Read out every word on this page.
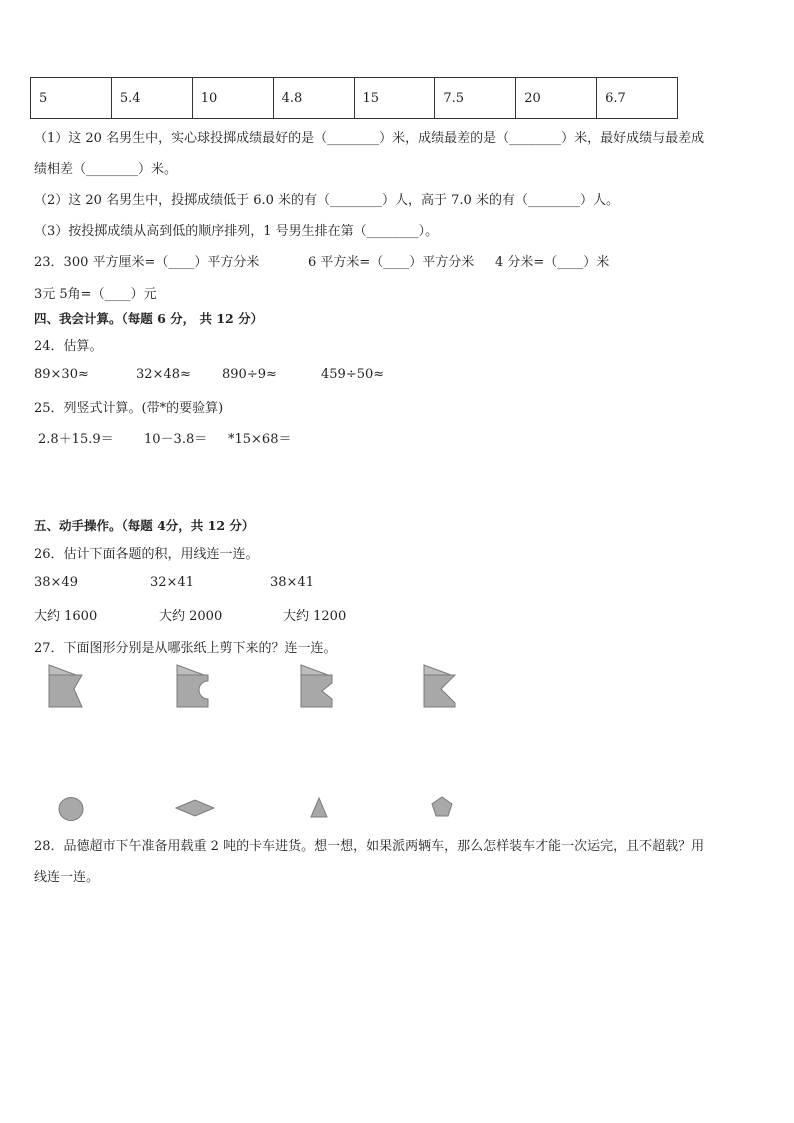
5	5.4	10	4.8	15	7.5	20	6.7
（1）这 20 名男生中，实心球投掷成绩最好的是（________）米，成绩最差的是（________）米，最好成绩与最差成
绩相差（________）米。
（2）这 20 名男生中，投掷成绩低于 6.0 米的有（________）人，高于 7.0 米的有（________）人。
（3）按投掷成绩从高到低的顺序排列，1 号男生排在第（________）。
23．300 平方厘米=（____）平方分米	6 平方米=（____）平方分米 4 分米=（____）米
3元 5角=（____）元
四、我会计算。（每题 6 分， 共 12 分）
24．估算。
89×30≈	32×48≈ 890÷9≈	459÷50≈
25．列竖式计算。(带*的要验算)
2.8＋15.9＝ 10－3.8＝ *15×68＝
五、动手操作。（每题 4分，共 12 分）
26．估计下面各题的积，用线连一连。
38×49	32×41	38×41
大约 1600	大约 2000	大约 1200
27．下面图形分别是从哪张纸上剪下来的？连一连。
28．品德超市下午准备用载重 2 吨的卡车进货。想一想，如果派两辆车，那么怎样装车才能一次运完，且不超载？用
线连一连。
